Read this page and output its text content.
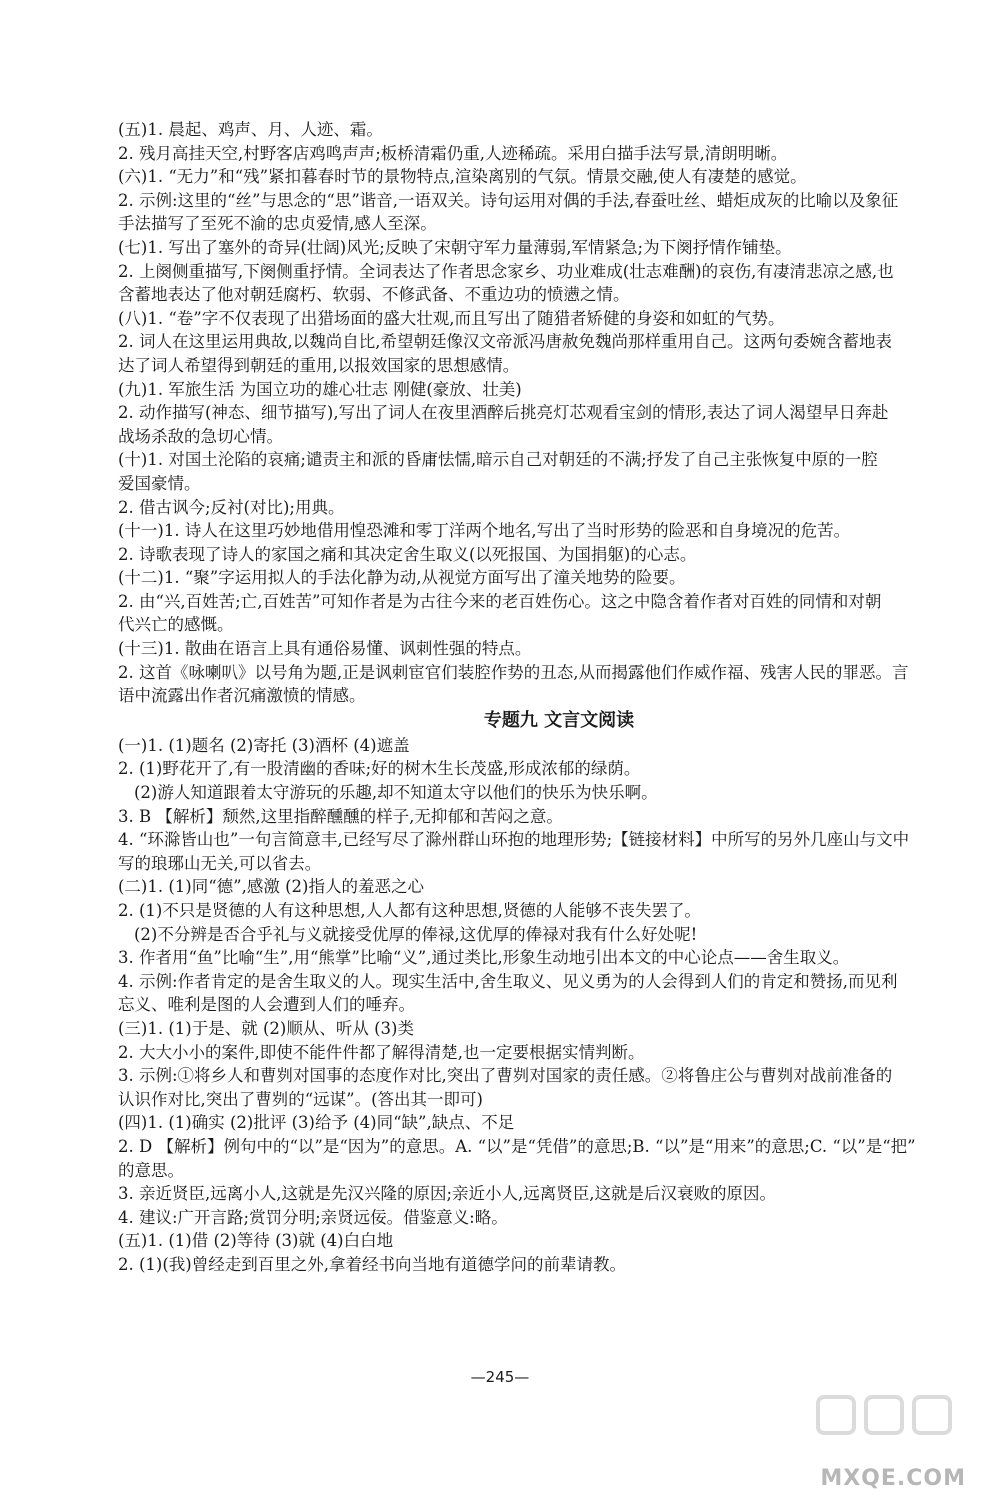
(五)1. 晨起、鸡声、月、人迹、霜。
2. 残月高挂天空,村野客店鸡鸣声声;板桥清霜仍重,人迹稀疏。采用白描手法写景,清朗明晰。
(六)1. “无力”和“残”紧扣暮春时节的景物特点,渲染离别的气氛。情景交融,使人有凄楚的感觉。
2. 示例:这里的“丝”与思念的“思”谐音,一语双关。诗句运用对偶的手法,春蚕吐丝、蜡炬成灰的比喻以及象征
手法描写了至死不渝的忠贞爱情,感人至深。
(七)1. 写出了塞外的奇异(壮阔)风光;反映了宋朝守军力量薄弱,军情紧急;为下阕抒情作铺垫。
2. 上阕侧重描写,下阕侧重抒情。全词表达了作者思念家乡、功业难成(壮志难酬)的哀伤,有凄清悲凉之感,也
含蓄地表达了他对朝廷腐朽、软弱、不修武备、不重边功的愤懑之情。
(八)1. “卷”字不仅表现了出猎场面的盛大壮观,而且写出了随猎者矫健的身姿和如虹的气势。
2. 词人在这里运用典故,以魏尚自比,希望朝廷像汉文帝派冯唐赦免魏尚那样重用自己。这两句委婉含蓄地表
达了词人希望得到朝廷的重用,以报效国家的思想感情。
(九)1. 军旅生活 为国立功的雄心壮志 刚健(豪放、壮美)
2. 动作描写(神态、细节描写),写出了词人在夜里酒醉后挑亮灯芯观看宝剑的情形,表达了词人渴望早日奔赴
战场杀敌的急切心情。
(十)1. 对国土沦陷的哀痛;谴责主和派的昏庸怯懦,暗示自己对朝廷的不满;抒发了自己主张恢复中原的一腔
爱国豪情。
2. 借古讽今;反衬(对比);用典。
(十一)1. 诗人在这里巧妙地借用惶恐滩和零丁洋两个地名,写出了当时形势的险恶和自身境况的危苦。
2. 诗歌表现了诗人的家国之痛和其决定舍生取义(以死报国、为国捐躯)的心志。
(十二)1. “聚”字运用拟人的手法化静为动,从视觉方面写出了潼关地势的险要。
2. 由“兴,百姓苦;亡,百姓苦”可知作者是为古往今来的老百姓伤心。这之中隐含着作者对百姓的同情和对朝
代兴亡的感慨。
(十三)1. 散曲在语言上具有通俗易懂、讽刺性强的特点。
2. 这首《咏喇叭》以号角为题,正是讽刺宦官们装腔作势的丑态,从而揭露他们作威作福、残害人民的罪恶。言
语中流露出作者沉痛激愤的情感。
专题九 文言文阅读
(一)1. (1)题名 (2)寄托 (3)酒杯 (4)遮盖
2. (1)野花开了,有一股清幽的香味;好的树木生长茂盛,形成浓郁的绿荫。
(2)游人知道跟着太守游玩的乐趣,却不知道太守以他们的快乐为快乐啊。
3. B 【解析】颓然,这里指醉醺醺的样子,无抑郁和苦闷之意。
4. “环滁皆山也”一句言简意丰,已经写尽了滁州群山环抱的地理形势;【链接材料】中所写的另外几座山与文中
写的琅琊山无关,可以省去。
(二)1. (1)同“德”,感激 (2)指人的羞恶之心
2. (1)不只是贤德的人有这种思想,人人都有这种思想,贤德的人能够不丧失罢了。
(2)不分辨是否合乎礼与义就接受优厚的俸禄,这优厚的俸禄对我有什么好处呢!
3. 作者用“鱼”比喻“生”,用“熊掌”比喻“义”,通过类比,形象生动地引出本文的中心论点——舍生取义。
4. 示例:作者肯定的是舍生取义的人。现实生活中,舍生取义、见义勇为的人会得到人们的肯定和赞扬,而见利
忘义、唯利是图的人会遭到人们的唾弃。
(三)1. (1)于是、就 (2)顺从、听从 (3)类
2. 大大小小的案件,即使不能件件都了解得清楚,也一定要根据实情判断。
3. 示例:①将乡人和曹刿对国事的态度作对比,突出了曹刿对国家的责任感。②将鲁庄公与曹刿对战前准备的
认识作对比,突出了曹刿的“远谋”。(答出其一即可)
(四)1. (1)确实 (2)批评 (3)给予 (4)同“缺”,缺点、不足
2. D 【解析】例句中的“以”是“因为”的意思。A. “以”是“凭借”的意思;B. “以”是“用来”的意思;C. “以”是“把”
的意思。
3. 亲近贤臣,远离小人,这就是先汉兴隆的原因;亲近小人,远离贤臣,这就是后汉衰败的原因。
4. 建议:广开言路;赏罚分明;亲贤远佞。借鉴意义:略。
(五)1. (1)借 (2)等待 (3)就 (4)白白地
2. (1)(我)曾经走到百里之外,拿着经书向当地有道德学问的前辈请教。
—245—
MXQE.COM
